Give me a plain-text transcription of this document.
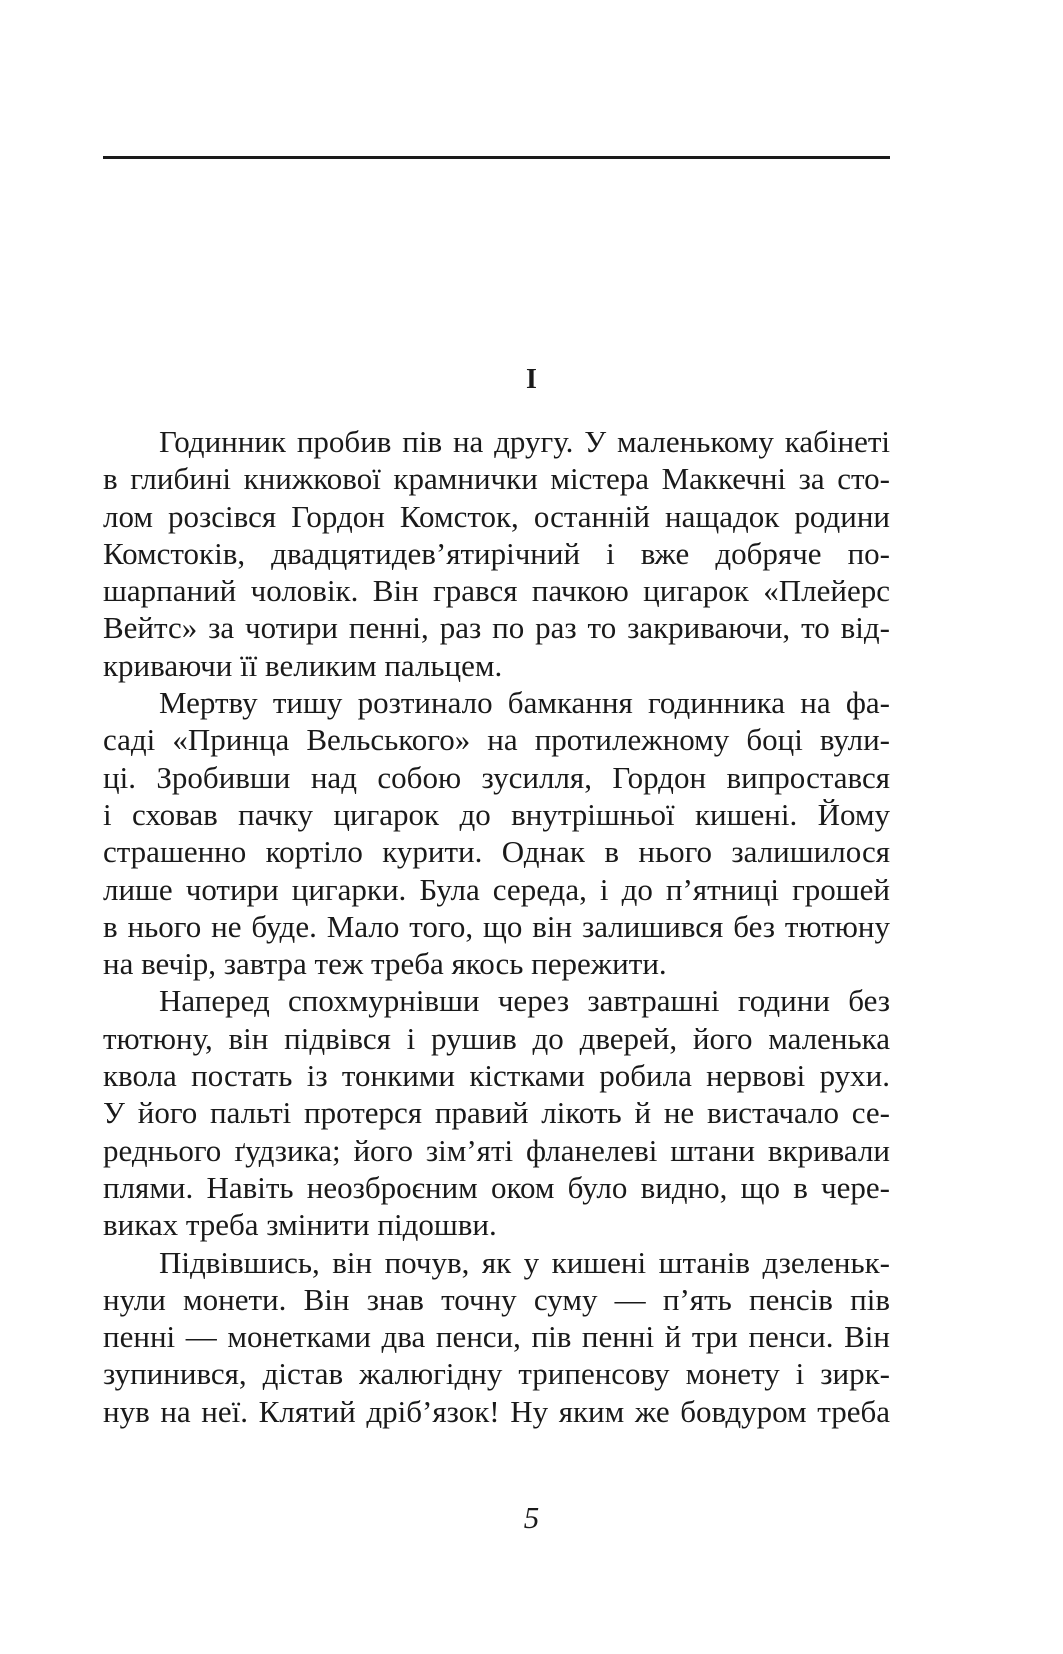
I

Годинник пробив пів на другу. У маленькому кабінеті
в глибині книжкової крамнички містера Маккечні за сто-
лом розсівся Гордон Комсток, останній нащадок родини
Комстоків, двадцятидев’ятирічний і вже добряче по-
шарпаний чоловік. Він грався пачкою цигарок «Плейерс
Вейтс» за чотири пенні, раз по раз то закриваючи, то від-
криваючи її великим пальцем.

Мертву тишу розтинало бамкання годинника на фа-
саді «Принца Вельського» на протилежному боці вули-
ці. Зробивши над собою зусилля, Гордон випростався
і сховав пачку цигарок до внутрішньої кишені. Йому
страшенно кортіло курити. Однак в нього залишилося
лише чотири цигарки. Була середа, і до п’ятниці грошей
в нього не буде. Мало того, що він залишився без тютюну
на вечір, завтра теж треба якось пережити.

Наперед спохмурнівши через завтрашні години без
тютюну, він підвівся і рушив до дверей, його маленька
квола постать із тонкими кістками робила нервові рухи.
У його пальті протерся правий лікоть й не вистачало се-
реднього ґудзика; його зім’яті фланелеві штани вкривали
плями. Навіть неозброєним оком було видно, що в чере-
виках треба змінити підошви.

Підвівшись, він почув, як у кишені штанів дзеленьк-
нули монети. Він знав точну суму — п’ять пенсів пів
пенні — монетками два пенси, пів пенні й три пенси. Він
зупинився, дістав жалюгідну трипенсову монету і зирк-
нув на неї. Клятий дріб’язок! Ну яким же бовдуром треба

5
